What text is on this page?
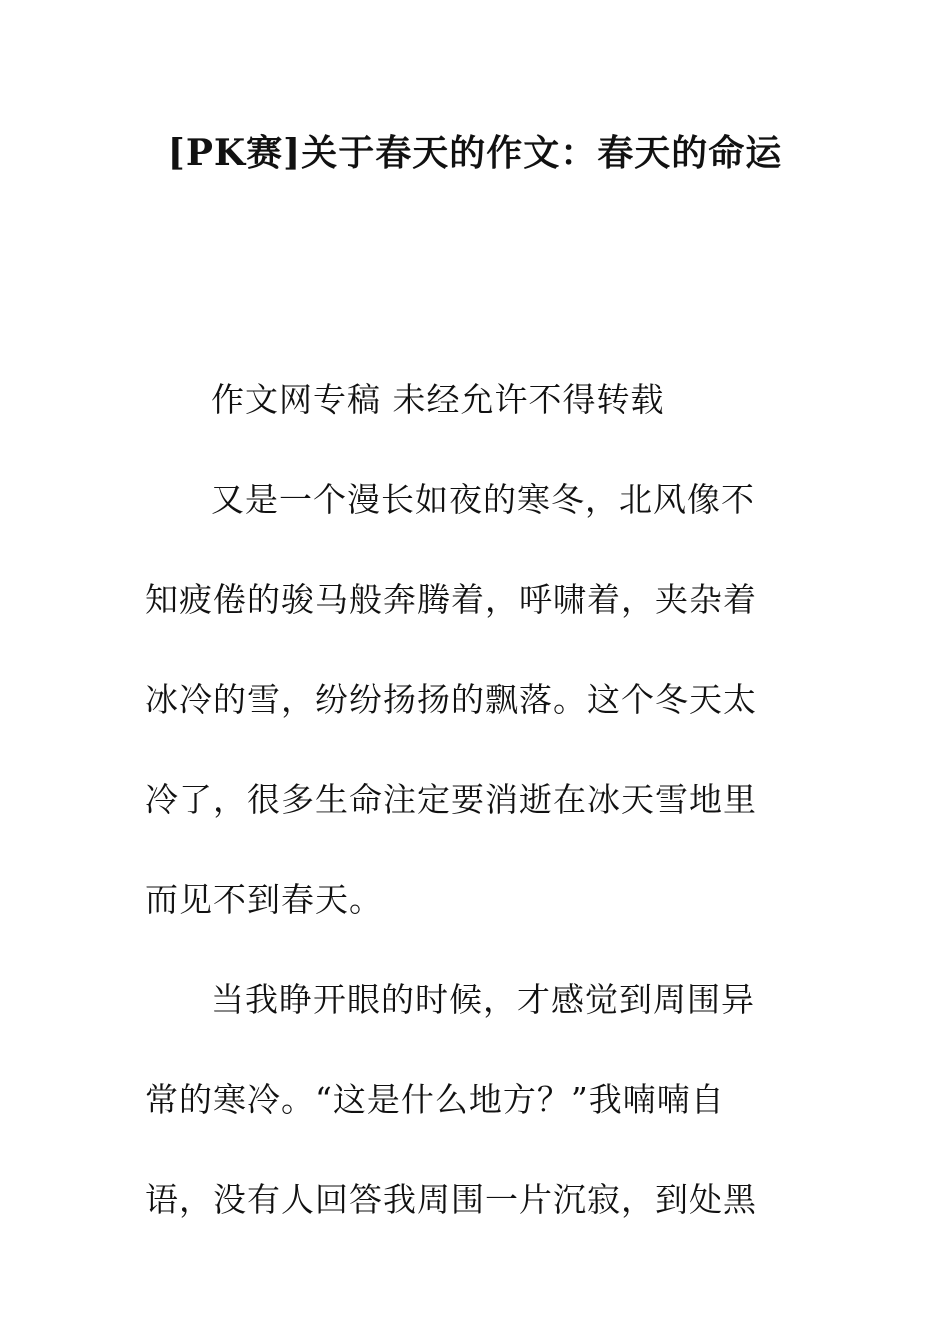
[PK赛]关于春天的作文：春天的命运

作文网专稿 未经允许不得转载

又是一个漫长如夜的寒冬，北风像不知疲倦的骏马般奔腾着，呼啸着，夹杂着冰冷的雪，纷纷扬扬的飘落。这个冬天太冷了，很多生命注定要消逝在冰天雪地里而见不到春天。

当我睁开眼的时候，才感觉到周围异常的寒冷。“这是什么地方？”我喃喃自语，没有人回答我周围一片沉寂，到处黑
